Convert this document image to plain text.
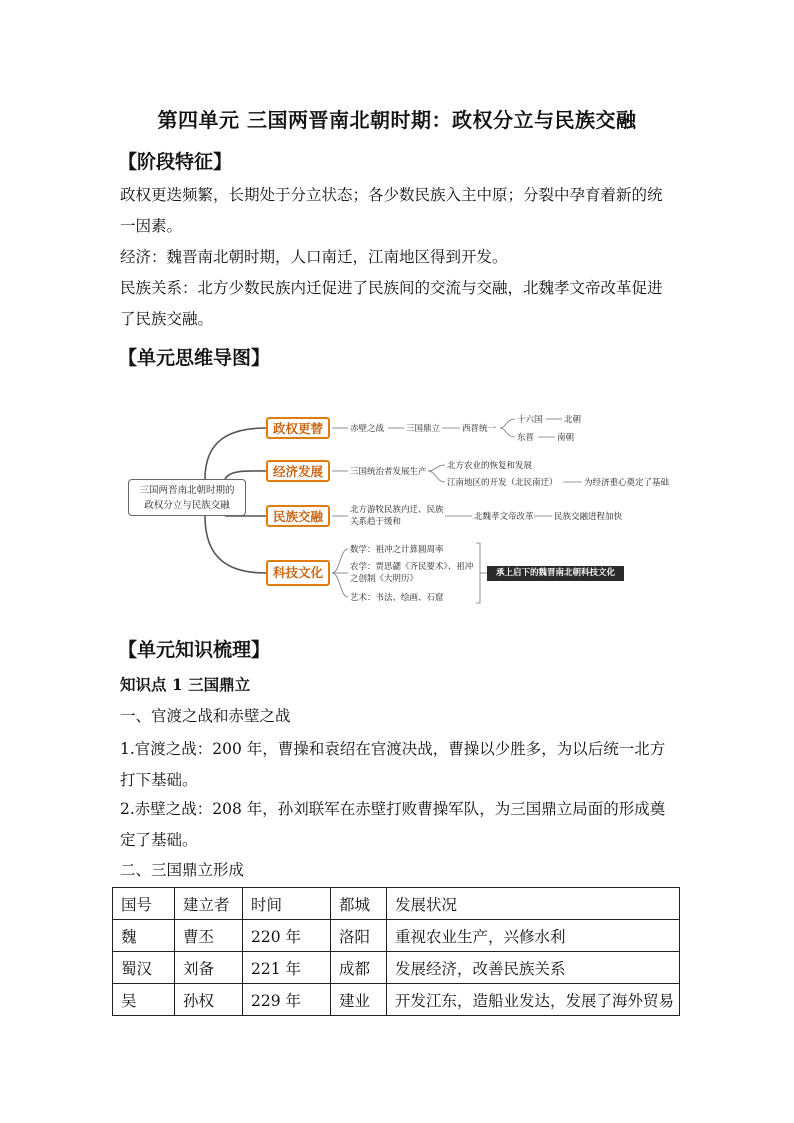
第四单元 三国两晋南北朝时期：政权分立与民族交融
【阶段特征】
政权更迭频繁，长期处于分立状态；各少数民族入主中原；分裂中孕育着新的统
一因素。
经济：魏晋南北朝时期，人口南迁，江南地区得到开发。
民族关系：北方少数民族内迁促进了民族间的交流与交融，北魏孝文帝改革促进
了民族交融。
【单元思维导图】
三国两晋南北朝时期的
政权分立与民族交融
政权更替
经济发展
民族交融
科技文化
赤壁之战	三国鼎立	西晋统一
十六国	北朝
东晋	南朝
三国统治者发展生产
北方农业的恢复和发展
江南地区的开发（北民南迁）	为经济重心奠定了基础
北方游牧民族内迁、民族关系趋于缓和	北魏孝文帝改革 民族交融进程加快
数学：祖冲之计算圆周率
农学：贾思勰《齐民要术》、祖冲之创制《大明历》
艺术：书法、绘画、石窟
承上启下的魏晋南北朝科技文化
【单元知识梳理】
知识点 1 三国鼎立
一、官渡之战和赤壁之战
1.官渡之战：200 年，曹操和袁绍在官渡决战，曹操以少胜多，为以后统一北方
打下基础。
2.赤壁之战：208 年，孙刘联军在赤壁打败曹操军队，为三国鼎立局面的形成奠
定了基础。
二、三国鼎立形成
国号	建立者	时间	都城	发展状况
魏	曹丕	220 年	洛阳	重视农业生产，兴修水利
蜀汉	刘备	221 年	成都	发展经济，改善民族关系
吴	孙权	229 年	建业	开发江东，造船业发达，发展了海外贸易
